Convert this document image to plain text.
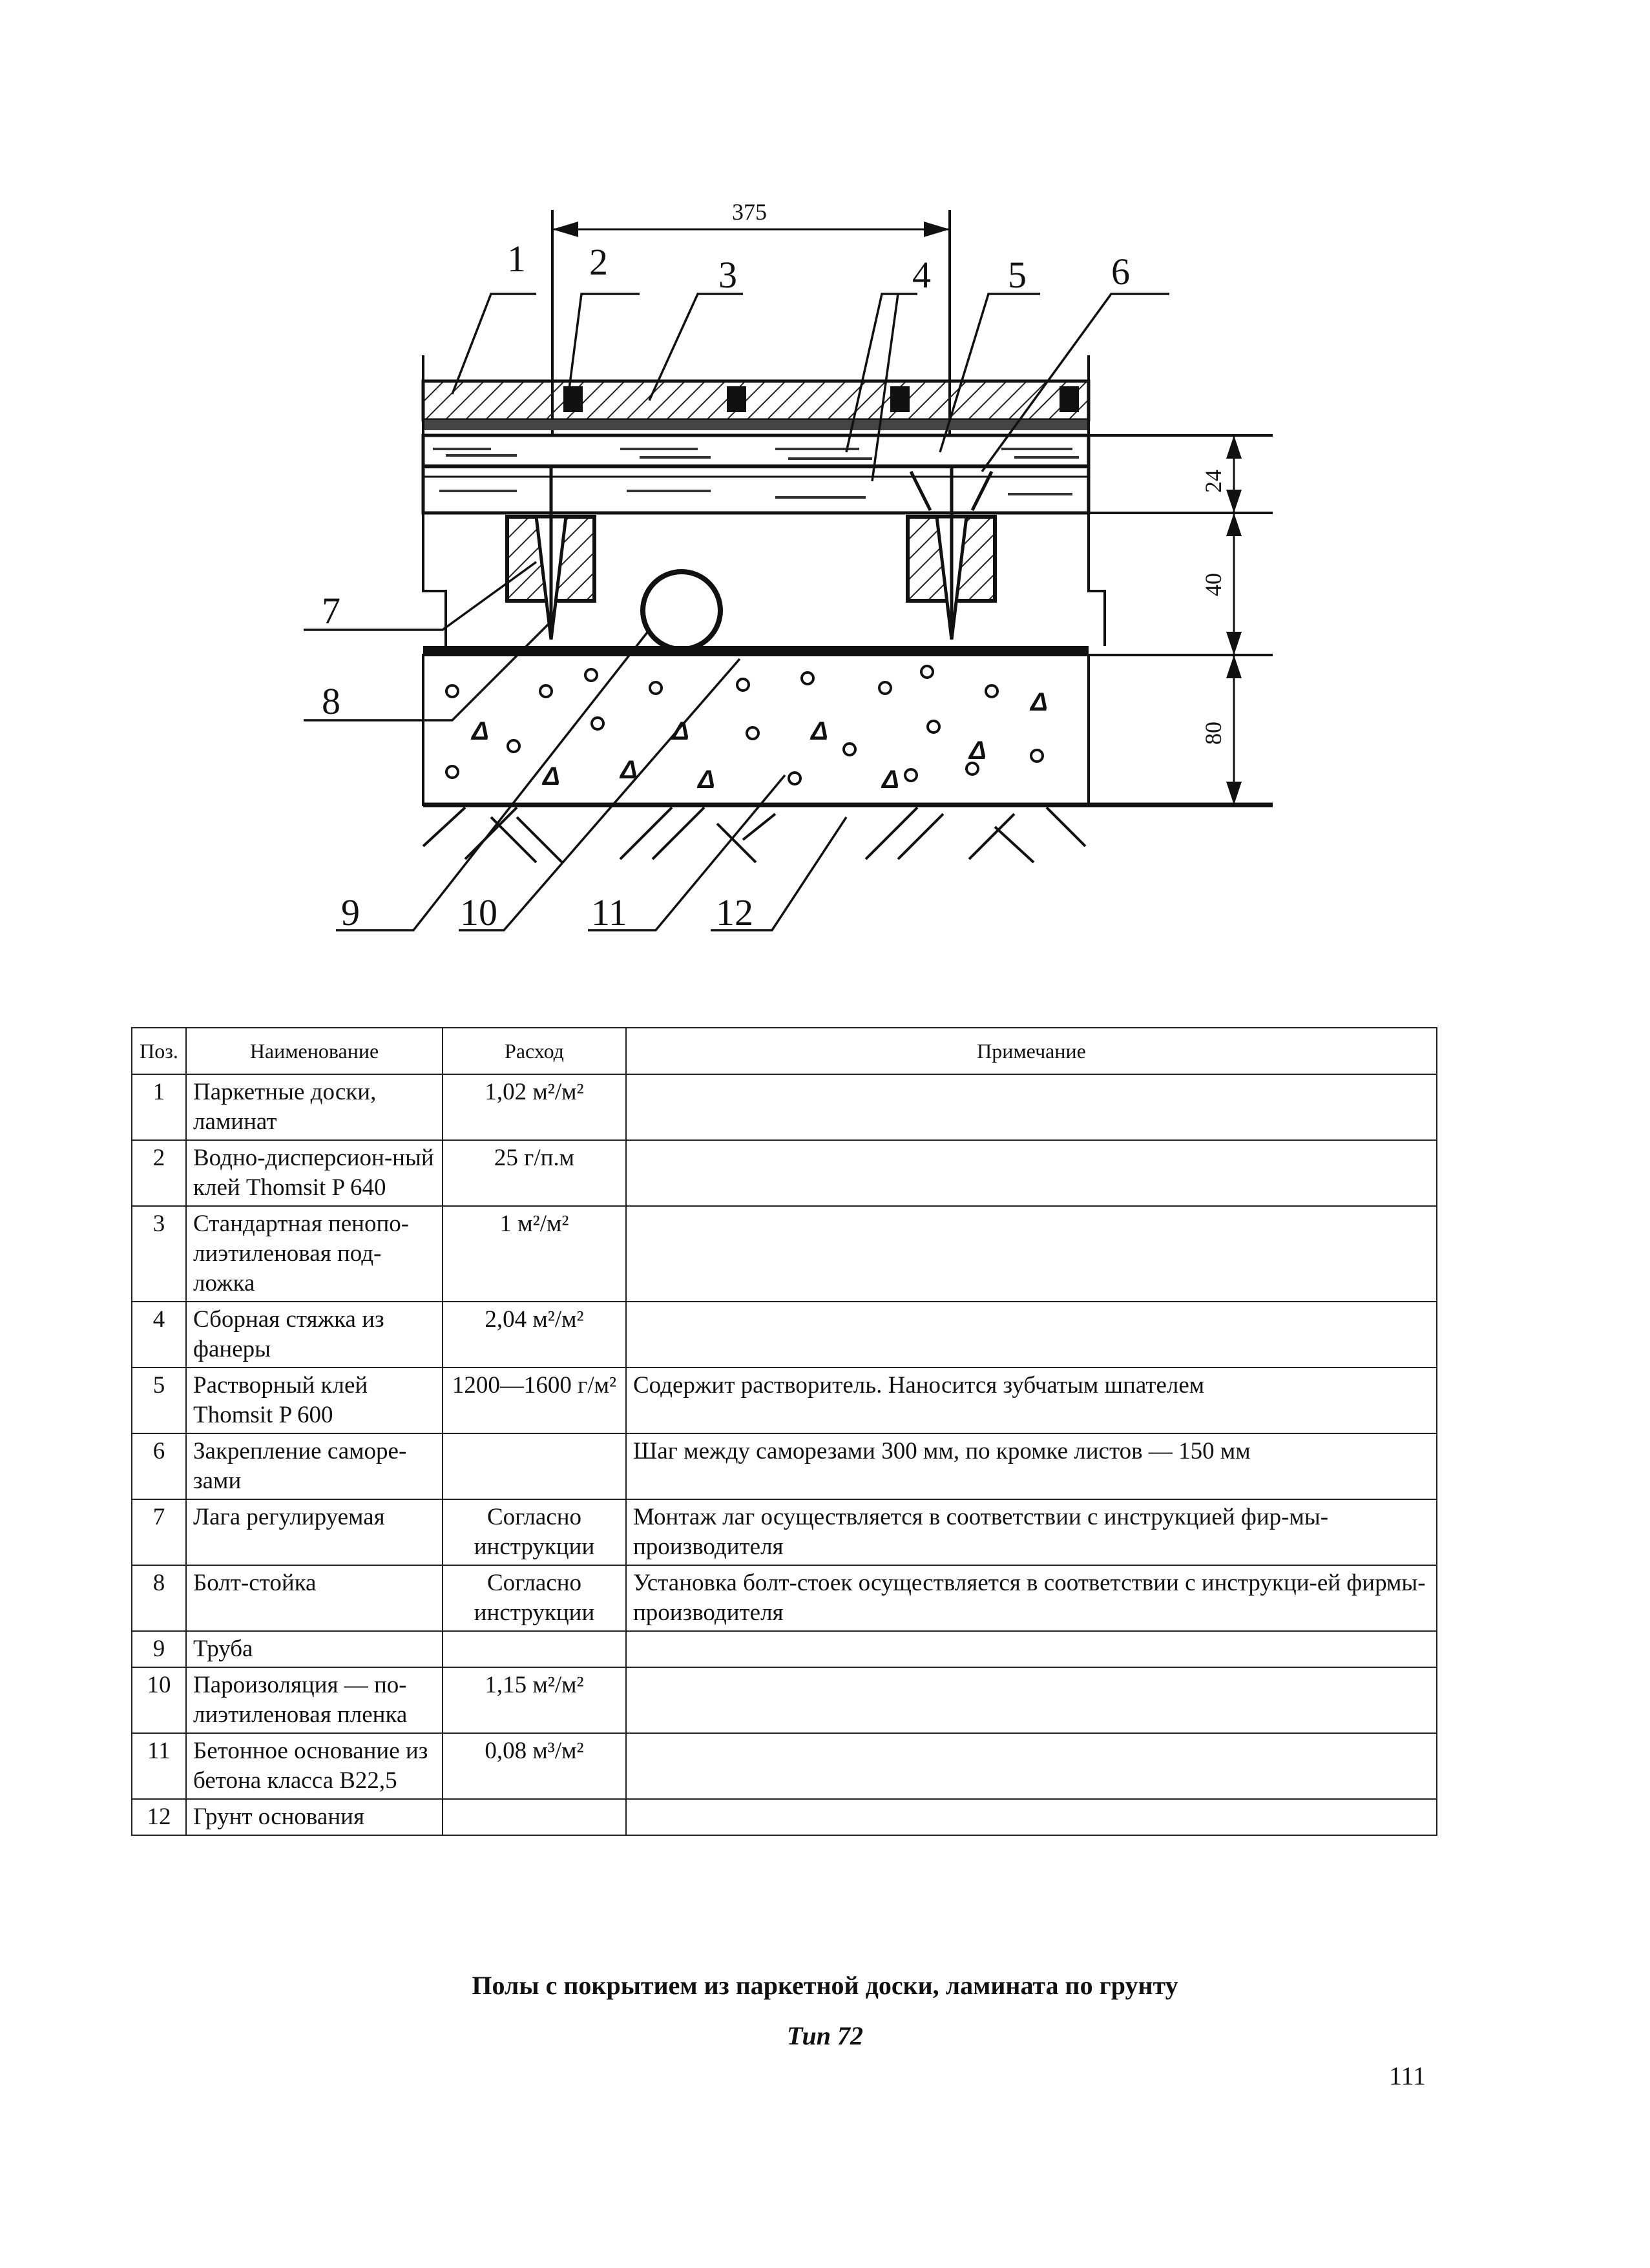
375
Δ	Δ	Δ
Δ
Δ Δ Δ	Δ
Δ
24
40
80
1 2	3	4 5 6
7
8
9	10	11 12
Поз.	Наименование	Расход	Примечание
1	Паркетные доски, ламинат	1,02 м²/м²	
2	Водно-дисперсион-ный клей Thomsit P 640	25 г/п.м	
3	Стандартная пенопо-лиэтиленовая под-ложка	1 м²/м²	
4	Сборная стяжка из фанеры	2,04 м²/м²	
5	Растворный клей Thomsit P 600	1200—1600 г/м²	Содержит растворитель. Наносится зубчатым шпателем
6	Закрепление саморе-зами		Шаг между саморезами 300 мм, по кромке листов — 150 мм
7	Лага регулируемая	Согласно инструкции	Монтаж лаг осуществляется в соответствии с инструкцией фир-мы-производителя
8	Болт-стойка	Согласно инструкции	Установка болт-стоек осуществляется в соответствии с инструкци-ей фирмы-производителя
9	Труба		
10	Пароизоляция — по-лиэтиленовая пленка	1,15 м²/м²	
11	Бетонное основание из бетона класса B22,5	0,08 м³/м²	
12	Грунт основания		
Полы с покрытием из паркетной доски, ламината по грунту
Тип 72
111
